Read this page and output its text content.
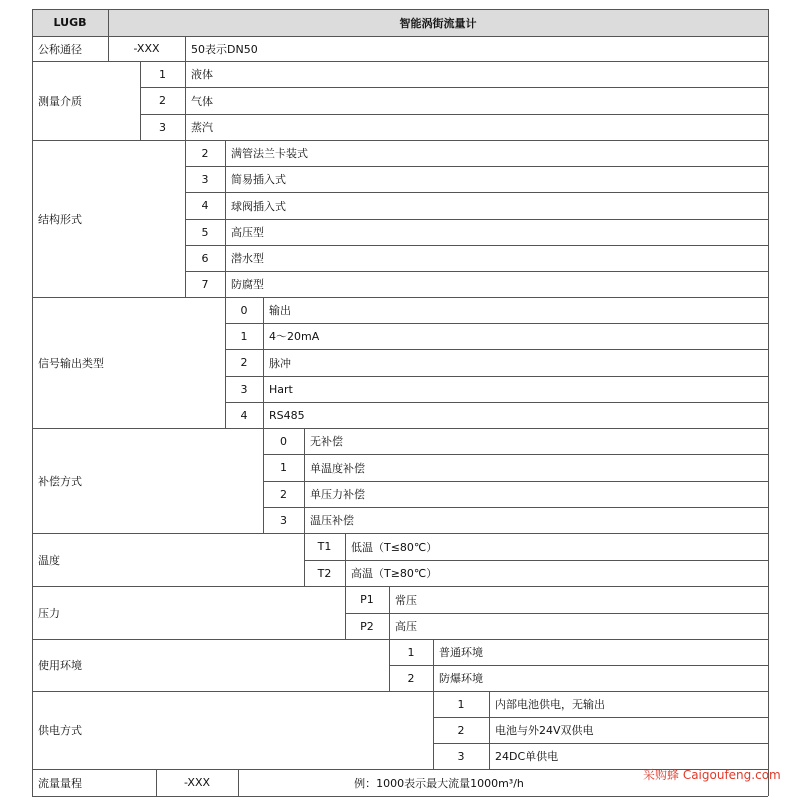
LUGB	智能涡街流量计
公称通径	-XXX	50表示DN50
测量介质
1	液体
2	气体
3	蒸汽
结构形式
2	满管法兰卡装式
3	简易插入式
4	球阀插入式
5	高压型
6	潜水型
7	防腐型
信号输出类型
0	输出
1	4～20mA
2	脉冲
3	Hart
4	RS485
补偿方式
0	无补偿
1	单温度补偿
2	单压力补偿
3	温压补偿
温度
T1	低温（T≤80℃）
T2	高温（T≥80℃）
压力
P1	常压
P2	高压
使用环境
1	普通环境
2	防爆环境
供电方式
1	内部电池供电，无输出
2	电池与外24V双供电
3	24DC单供电
流量量程	-XXX	例：1000表示最大流量1000m³/h
采购蜂 Caigoufeng.com
